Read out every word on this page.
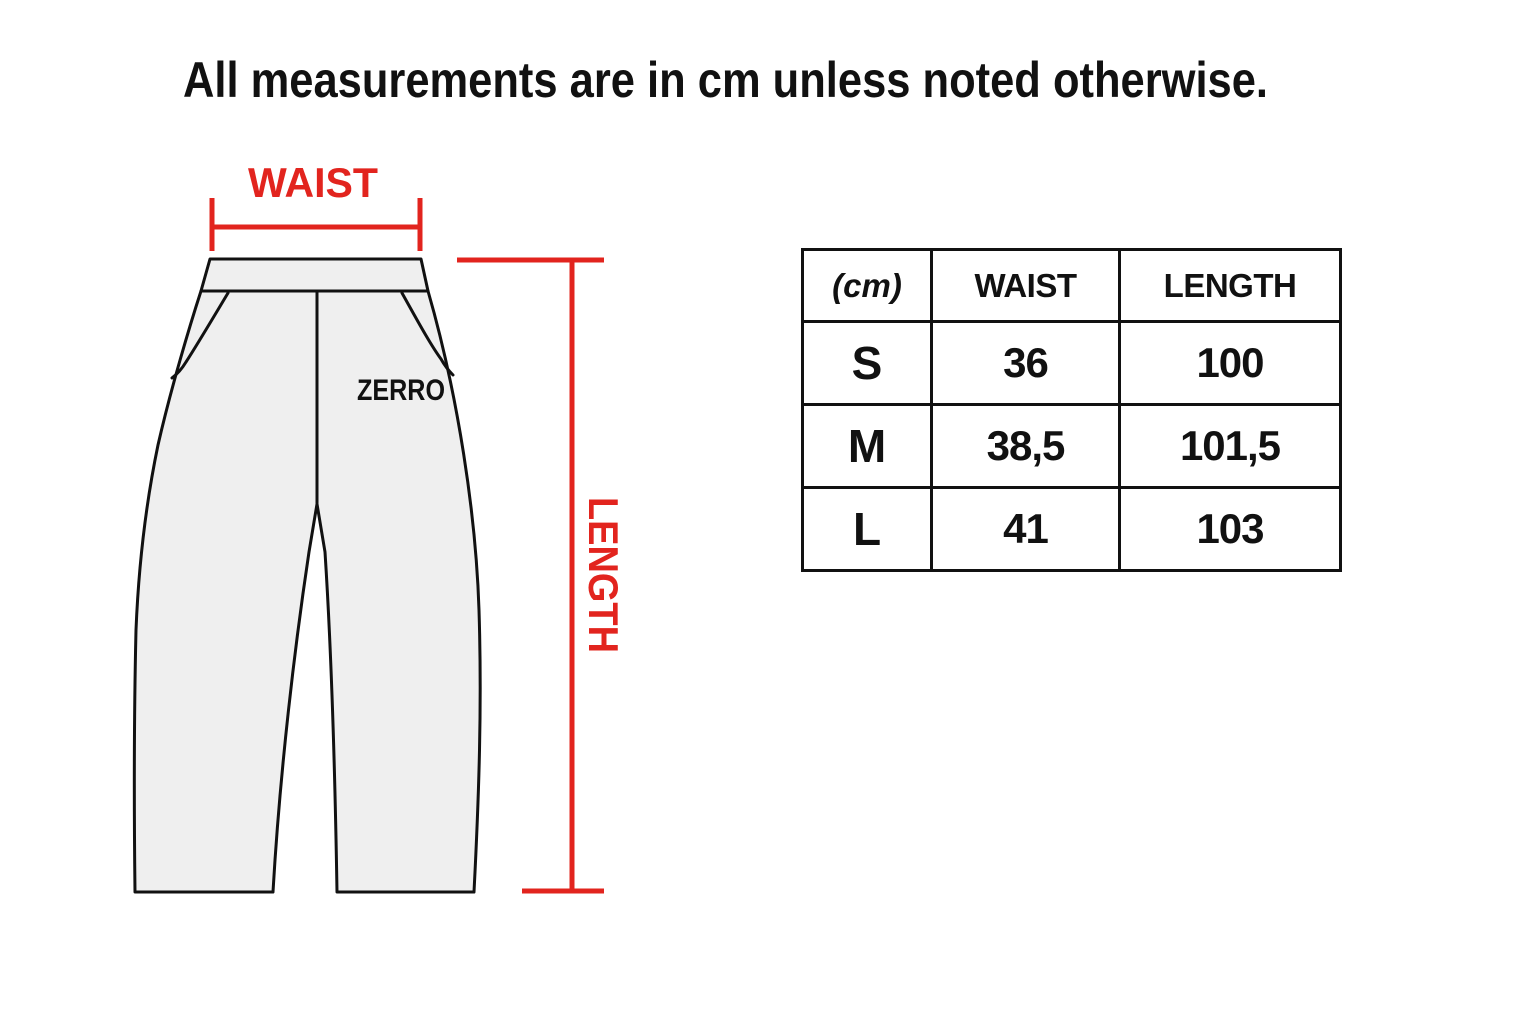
All measurements are in cm unless noted otherwise.
ZERRO
WAIST
LENGTH
(cm)	WAIST	LENGTH
S	36	100
M	38,5	101,5
L	41	103
